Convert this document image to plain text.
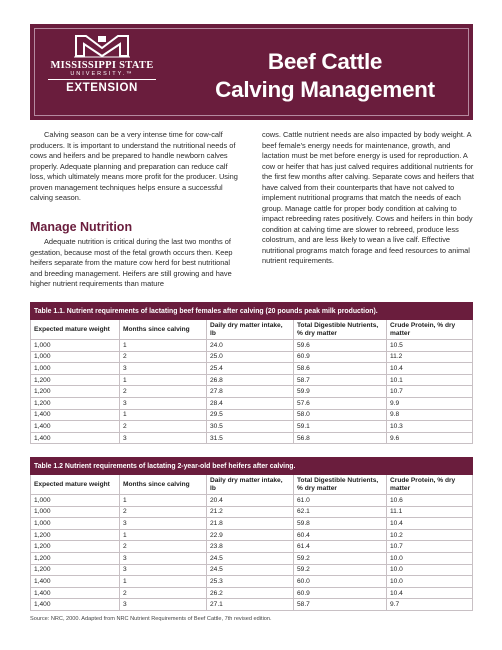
MISSISSIPPI STATE
UNIVERSITY.™
EXTENSION
Beef Cattle
Calving Management

Calving season can be a very intense time for cow-calf producers. It is important to understand the nutritional needs of cows and heifers and be prepared to handle newborn calves properly. Adequate planning and preparation can reduce calf loss, which ultimately means more profit for the producer. Using proven management techniques helps ensure a successful calving season.

Manage Nutrition

Adequate nutrition is critical during the last two months of gestation, because most of the fetal growth occurs then. Keep heifers separate from the mature cow herd for best nutritional and breeding management. Heifers are still growing and have higher nutrient requirements than mature

cows. Cattle nutrient needs are also impacted by body weight. A beef female's energy needs for maintenance, growth, and lactation must be met before energy is used for reproduction. A cow or heifer that has just calved requires additional nutrients for the first few months after calving. Separate cows and heifers that have calved from their counterparts that have not calved to implement nutritional programs that match the needs of each group. Manage cattle for proper body condition at calving to impact rebreeding rates positively. Cows and heifers in thin body condition at calving time are slower to rebreed, produce less colostrum, and are less likely to wean a live calf. Effective nutritional programs match forage and feed resources to animal nutrient requirements.

Table 1.1. Nutrient requirements of lactating beef females after calving (20 pounds peak milk production).				
Expected mature weight	Months since calving	Daily dry matter intake, lb	Total Digestible Nutrients, % dry matter	Crude Protein, % dry matter
1,000	1	24.0	59.6	10.5
1,000	2	25.0	60.9	11.2
1,000	3	25.4	58.6	10.4
1,200	1	26.8	58.7	10.1
1,200	2	27.8	59.9	10.7
1,200	3	28.4	57.6	9.9
1,400	1	29.5	58.0	9.8
1,400	2	30.5	59.1	10.3
1,400	3	31.5	56.8	9.6
Table 1.2 Nutrient requirements of lactating 2-year-old beef heifers after calving.				
Expected mature weight	Months since calving	Daily dry matter intake, lb	Total Digestible Nutrients, % dry matter	Crude Protein, % dry matter
1,000	1	20.4	61.0	10.6
1,000	2	21.2	62.1	11.1
1,000	3	21.8	59.8	10.4
1,200	1	22.9	60.4	10.2
1,200	2	23.8	61.4	10.7
1,200	3	24.5	59.2	10.0
1,200	3	24.5	59.2	10.0
1,400	1	25.3	60.0	10.0
1,400	2	26.2	60.9	10.4
1,400	3	27.1	58.7	9.7
Source: NRC, 2000. Adapted from NRC Nutrient Requirements of Beef Cattle, 7th revised edition.
